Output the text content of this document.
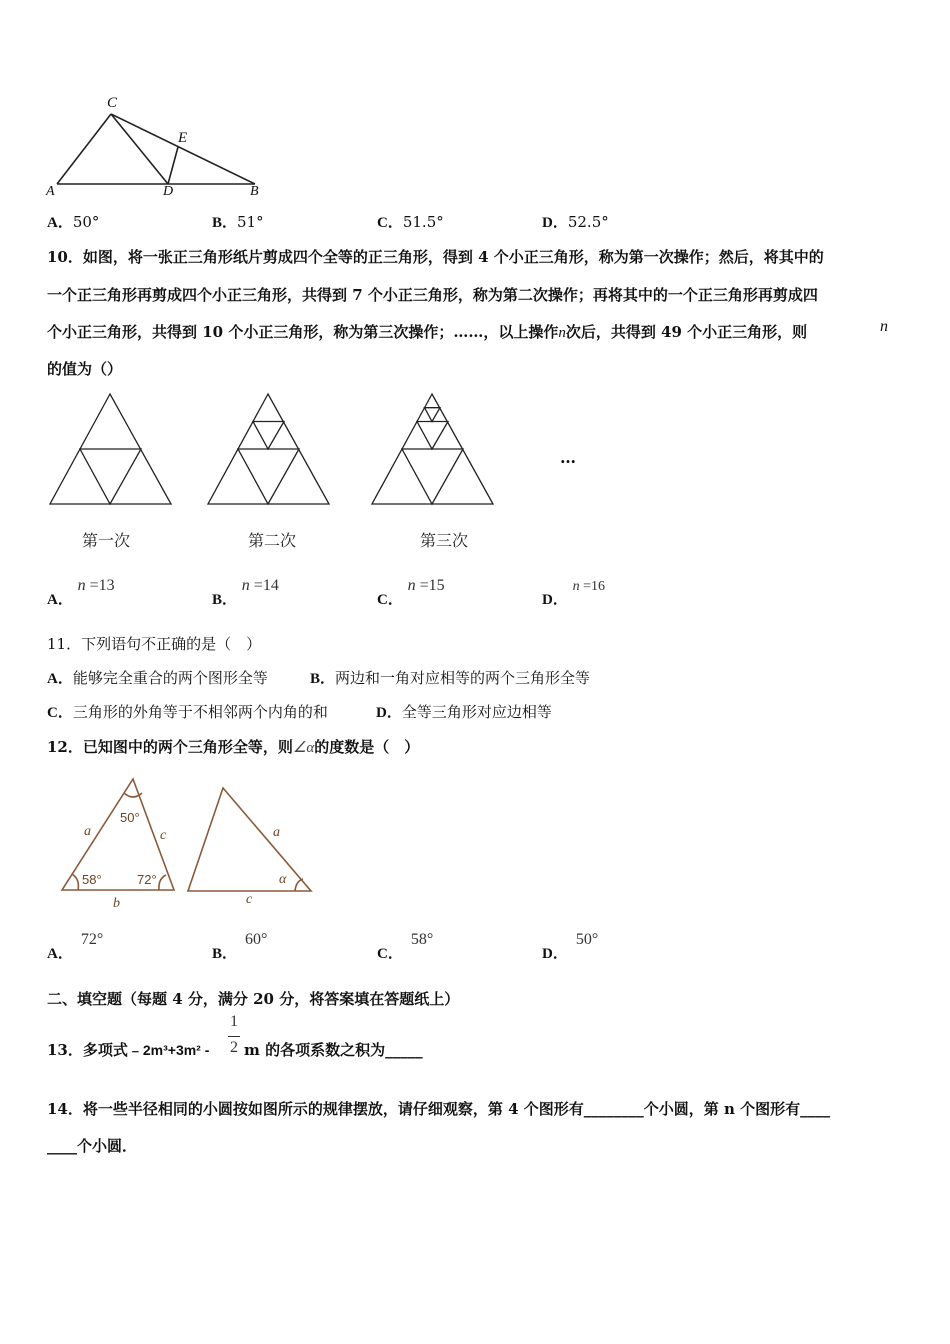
C
E
A	D	B
A．50°	B．51°	C．51.5°	D．52.5°
10．如图，将一张正三角形纸片剪成四个全等的正三角形，得到 4 个小正三角形，称为第一次操作；然后，将其中的
一个正三角形再剪成四个小正三角形，共得到 7 个小正三角形，称为第二次操作；再将其中的一个正三角形再剪成四
个小正三角形，共得到 10 个小正三角形，称为第三次操作；……，以上操作n次后，共得到 49 个小正三角形，则	n
的值为（）
…
第一次	第二次	第三次
A． n =13
B． n =14
C． n =15
D． n =16
11．下列语句不正确的是（　）
A．能够完全重合的两个图形全等	B．两边和一角对应相等的两个三角形全等
C．三角形的外角等于不相邻两个内角的和	D．全等三角形对应边相等
12．已知图中的两个三角形全等，则∠α的度数是（　）
a
50°
c
58°	72°
b
a
α
c
A．72°
B．60°
C．58°
D．50°
二、填空题（每题 4 分，满分 20 分，将答案填在答题纸上）
13．多项式﹣2m³+3m² -
1
2 m 的各项系数之积为_____
14．将一些半径相同的小圆按如图所示的规律摆放，请仔细观察，第 4 个图形有________个小圆，第 n 个图形有____
____个小圆．
